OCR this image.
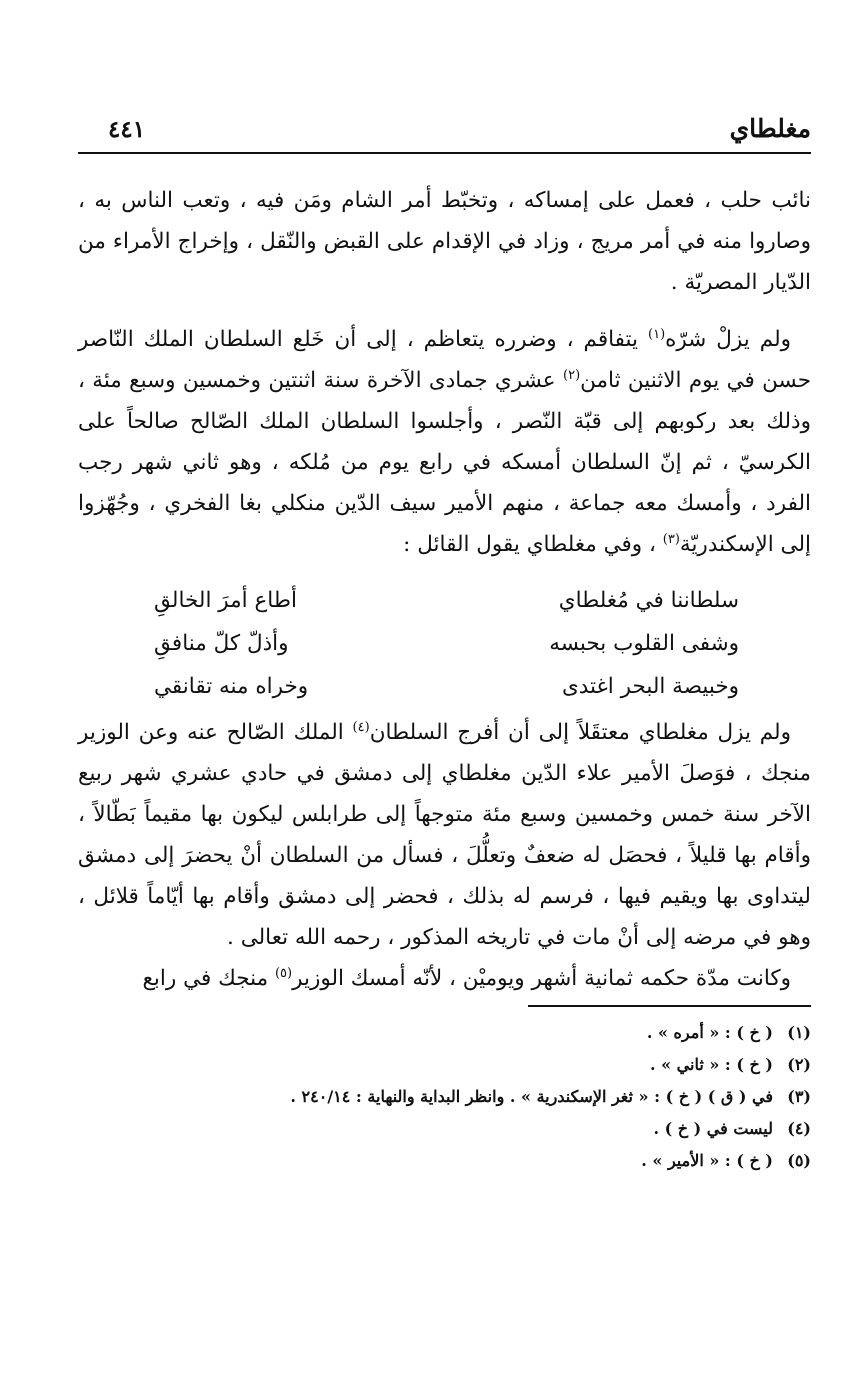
مغلطاي
٤٤١

نائب حلب ، فعمل على إمساكه ، وتخبّط أمر الشام ومَن فيه ، وتعب الناس به ، وصاروا منه في أمر مريج ، وزاد في الإقدام على القبض والنّقل ، وإخراج الأمراء من الدّيار المصريّة .

ولم يزلْ شرّه$^{(١)}$ يتفاقم ، وضرره يتعاظم ، إلى أن خَلع السلطان الملك النّاصر حسن في يوم الاثنين ثامن$^{(٢)}$ عشري جمادى الآخرة سنة اثنتين وخمسين وسبع مئة ، وذلك بعد ركوبهم إلى قبّة النّصر ، وأجلسوا السلطان الملك الصّالح صالحاً على الكرسيّ ، ثم إنّ السلطان أمسكه في رابع يوم من مُلكه ، وهو ثاني شهر رجب الفرد ، وأمسك معه جماعة ، منهم الأمير سيف الدّين منكلي بغا الفخري ، وجُهّزوا إلى الإسكندريّة$^{(٣)}$ ، وفي مغلطاي يقول القائل :

سلطاننا في مُغلطاي
أطاع أمرَ الخالقِ
وشفى القلوب بحبسه
وأذلّ كلّ منافقِ
وخبيصة البحر اغتدى
وخراه منه تقانقي

ولم يزل مغلطاي معتقَلاً إلى أن أفرج السلطان$^{(٤)}$ الملك الصّالح عنه وعن الوزير منجك ، فوَصلَ الأمير علاء الدّين مغلطاي إلى دمشق في حادي عشري شهر ربيع الآخر سنة خمس وخمسين وسبع مئة متوجهاً إلى طرابلس ليكون بها مقيماً بَطّالاً ، وأقام بها قليلاً ، فحصَل له ضعفٌ وتعلُّلَ ، فسأل من السلطان أنْ يحضرَ إلى دمشق ليتداوى بها ويقيم فيها ، فرسم له بذلك ، فحضر إلى دمشق وأقام بها أيّاماً قلائل ، وهو في مرضه إلى أنْ مات في تاريخه المذكور ، رحمه الله تعالى .

وكانت مدّة حكمه ثمانية أشهر ويوميْن ، لأنّه أمسك الوزير$^{(٥)}$ منجك في رابع

(١)
( خ ) : « أمره » .
(٢)
( خ ) : « ثاني » .
(٣)
في ( ق ) ( خ ) : « ثغر الإسكندرية » . وانظر البداية والنهاية : ٢٤٠/١٤ .
(٤)
ليست في ( خ ) .
(٥)
( خ ) : « الأمير » .
